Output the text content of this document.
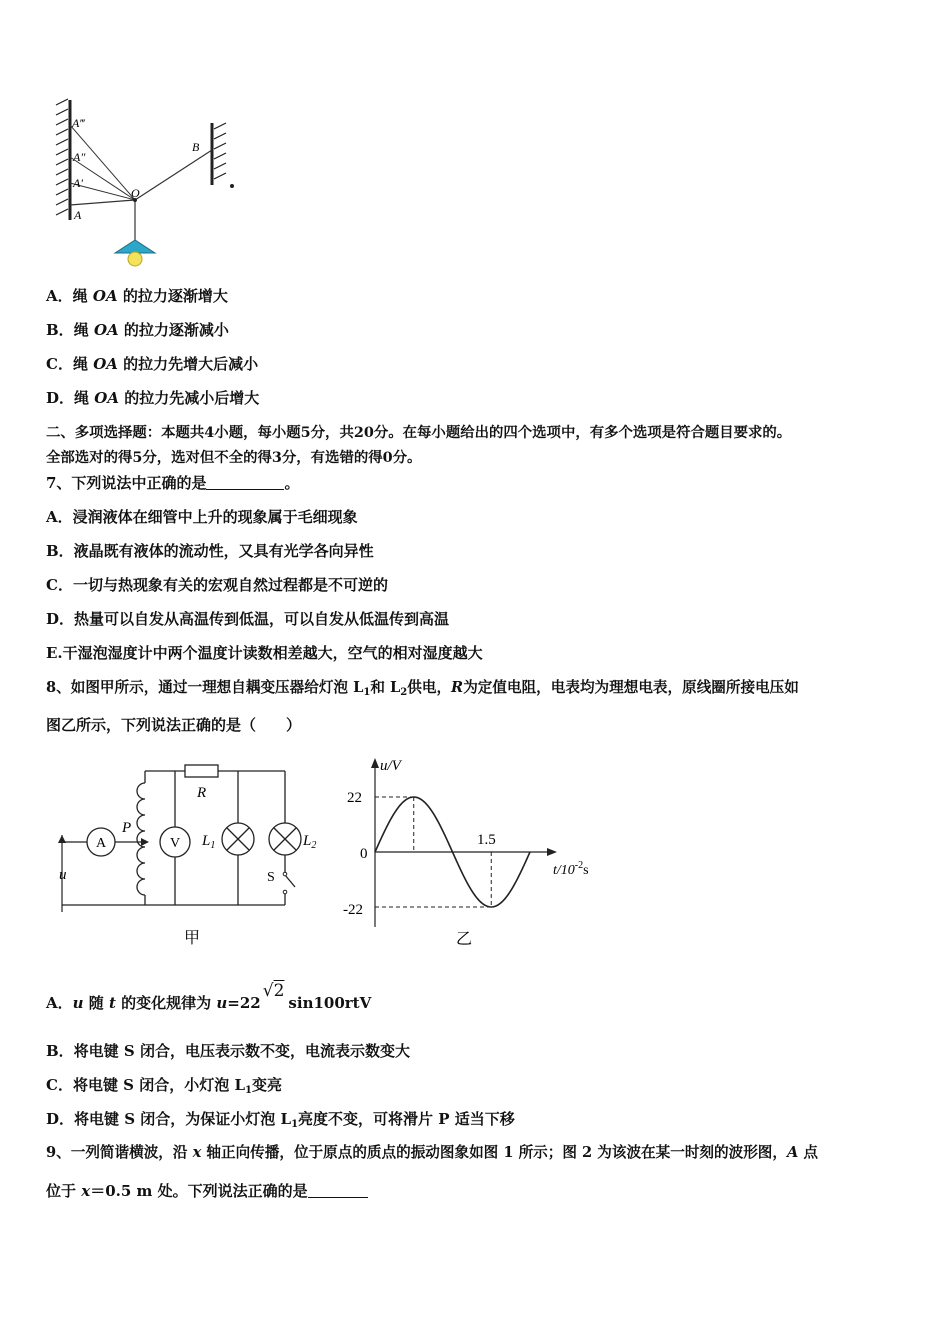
A‴
A″
A′
O
B
A
A．绳 OA 的拉力逐渐增大
B．绳 OA 的拉力逐渐减小
C．绳 OA 的拉力先增大后减小
D．绳 OA 的拉力先减小后增大
二、多项选择题：本题共4小题，每小题5分，共20分。在每小题给出的四个选项中，有多个选项是符合题目要求的。
全部选对的得5分，选对但不全的得3分，有选错的得0分。
7、下列说法中正确的是	。
A．浸润液体在细管中上升的现象属于毛细现象
B．液晶既有液体的流动性，又具有光学各向异性
C．一切与热现象有关的宏观自然过程都是不可逆的
D．热量可以自发从高温传到低温，可以自发从低温传到高温
E.干湿泡湿度计中两个温度计读数相差越大，空气的相对湿度越大
8、如图甲所示，通过一理想自耦变压器给灯泡 $L_1$和 $L_2$供电，R为定值电阻，电表均为理想电表，原线圈所接电压如
图乙所示，下列说法正确的是（　　）
A	V
P
R
$L_1$	$L_2$
S
u
甲
u/V
$t/10^{-2}s$
22
0
-22
1.5
乙
A．u 随 t 的变化规律为 u=22√2sin100rtV
B．将电键 S 闭合，电压表示数不变，电流表示数变大
C．将电键 S 闭合，小灯泡 $L_1$变亮
D．将电键 S 闭合，为保证小灯泡 $L_1$亮度不变，可将滑片 P 适当下移
9、一列简谐横波，沿 x 轴正向传播，位于原点的质点的振动图象如图 1 所示；图 2 为该波在某一时刻的波形图，A 点
位于 x＝0.5 m 处。下列说法正确的是
